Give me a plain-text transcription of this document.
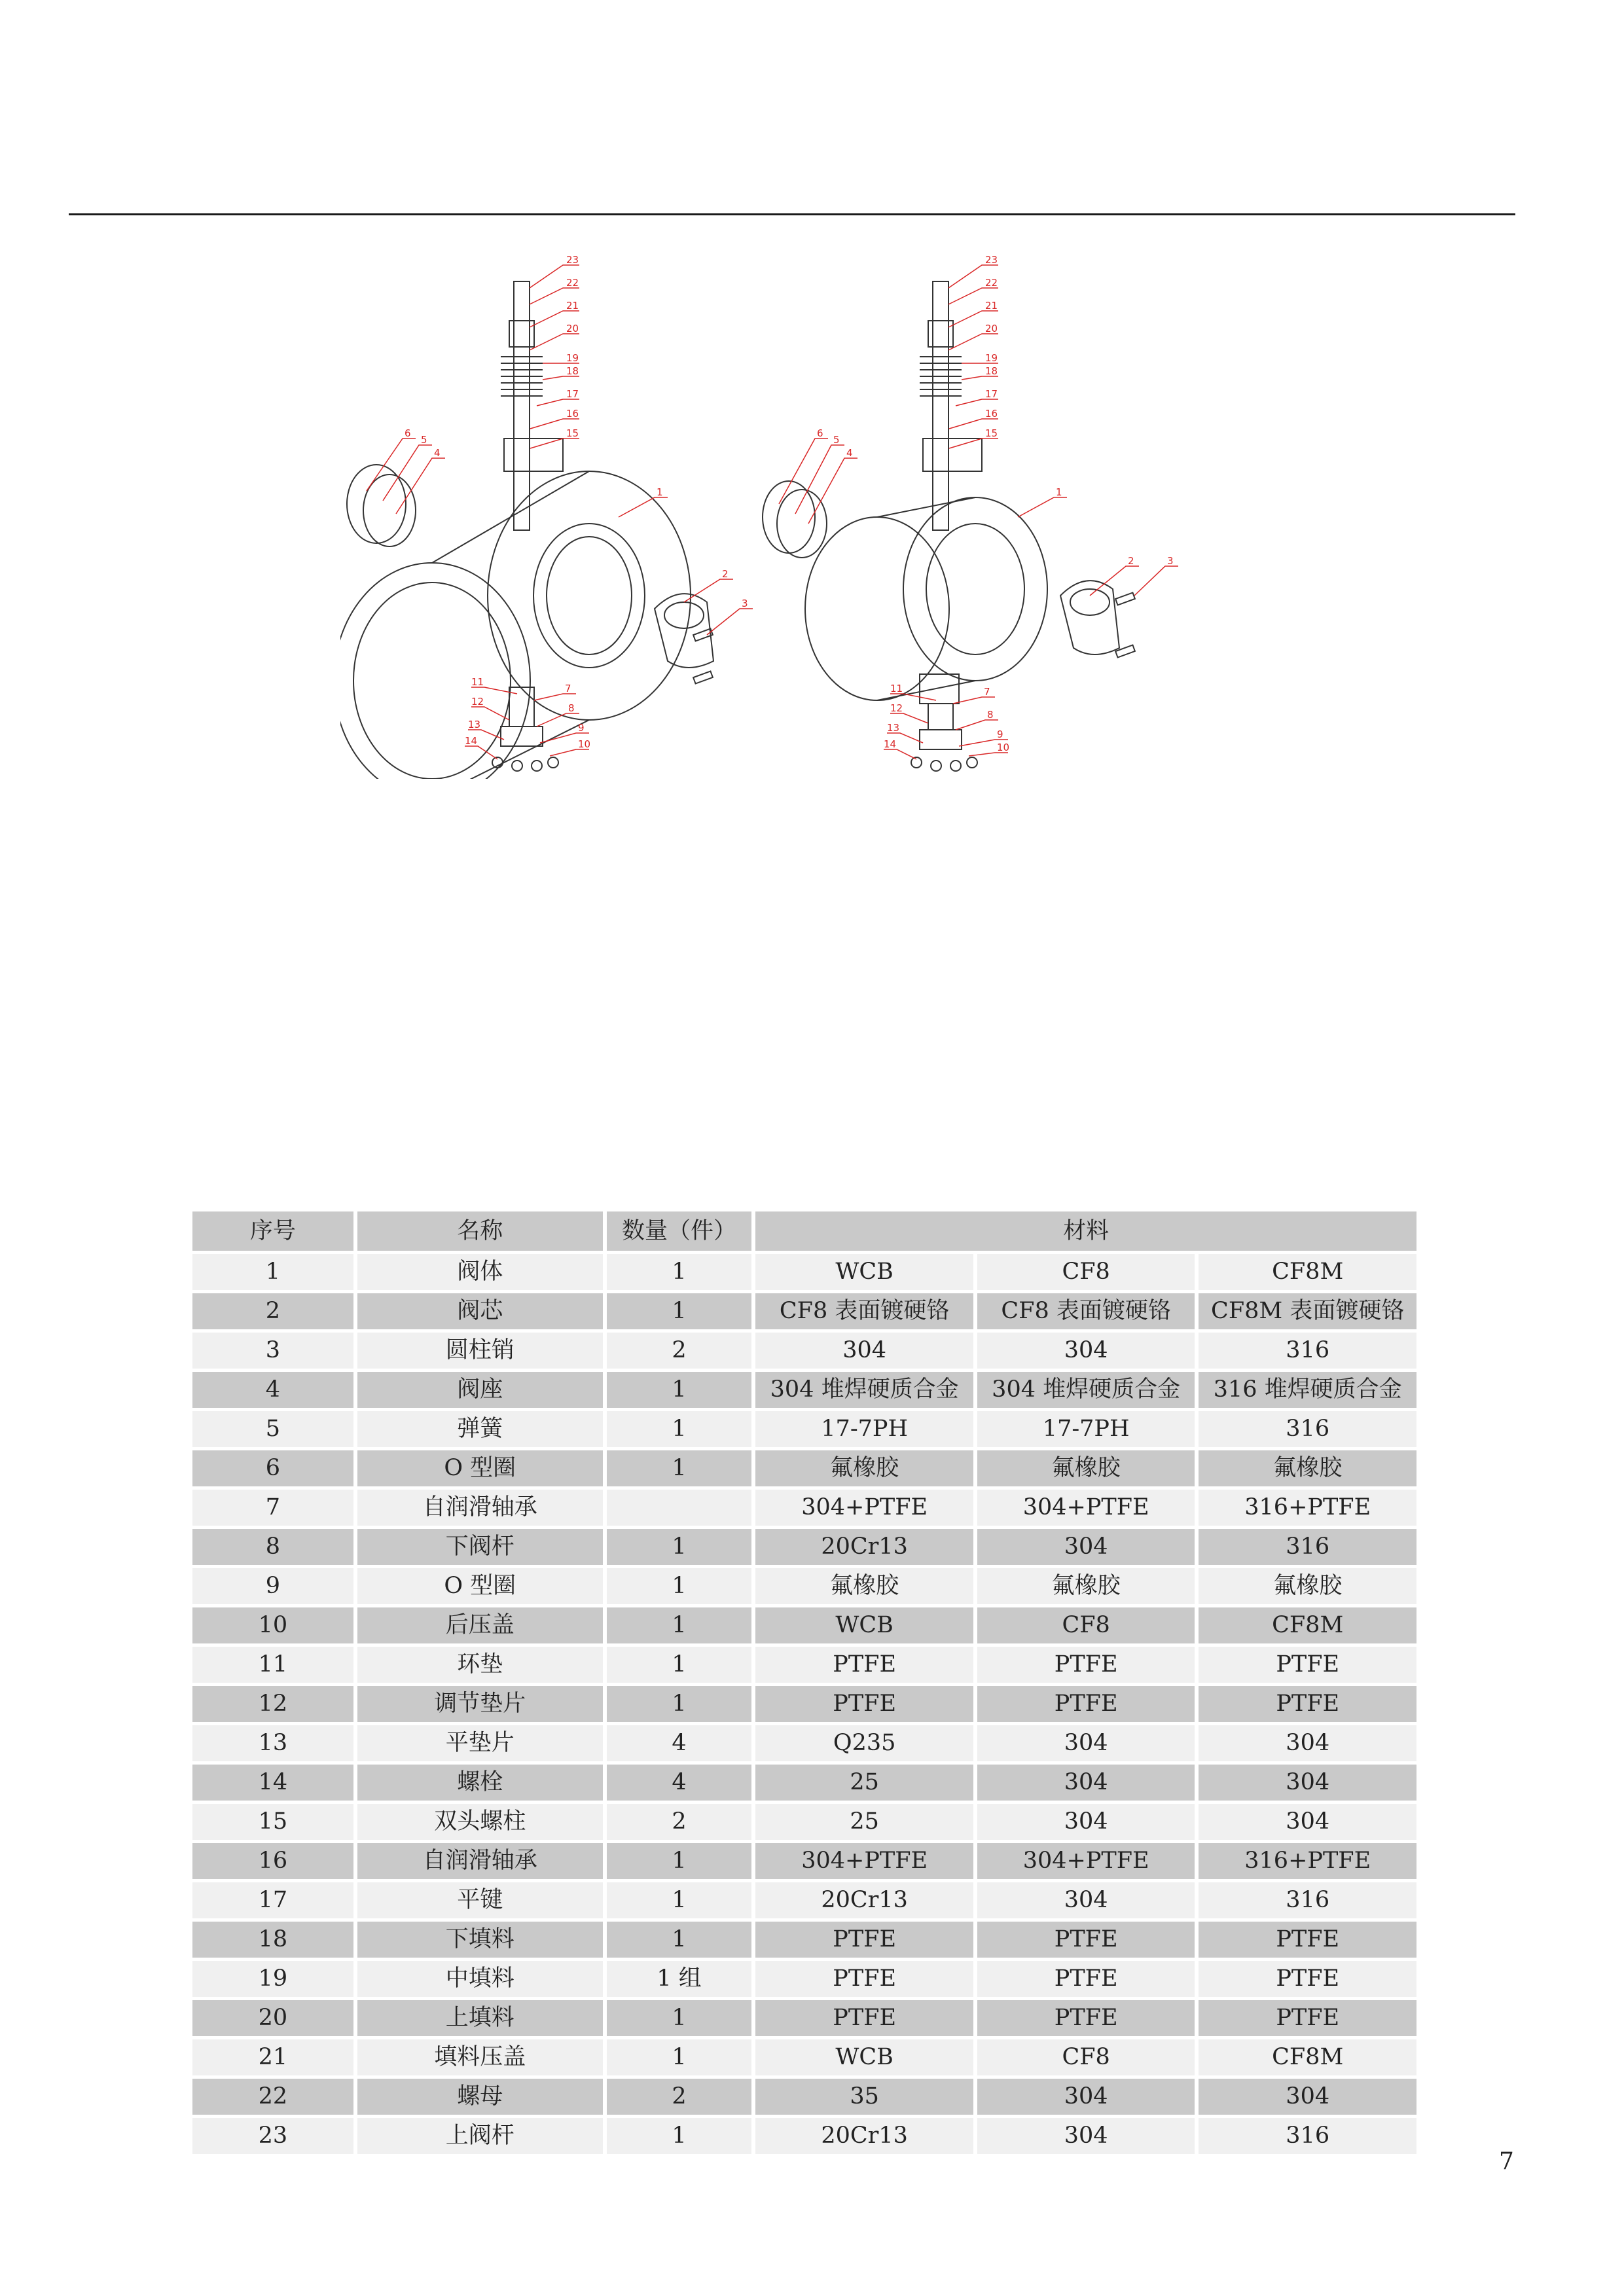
23
22
21
20
19
18
17
16
15
6
5
4
1
2
3
11
7
12
8
13	9
14	10
23
22
21
20
19
18
17
16
15
6
5
4
1
2	3
11	7
12
8
13
9
14	10
序号	名称	数量（件）	材料		
1	阀体	1	WCB	CF8	CF8M
2	阀芯	1	CF8 表面镀硬铬	CF8 表面镀硬铬	CF8M 表面镀硬铬
3	圆柱销	2	304	304	316
4	阀座	1	304 堆焊硬质合金	304 堆焊硬质合金	316 堆焊硬质合金
5	弹簧	1	17-7PH	17-7PH	316
6	O 型圈	1	氟橡胶	氟橡胶	氟橡胶
7	自润滑轴承		304+PTFE	304+PTFE	316+PTFE
8	下阀杆	1	20Cr13	304	316
9	O 型圈	1	氟橡胶	氟橡胶	氟橡胶
10	后压盖	1	WCB	CF8	CF8M
11	环垫	1	PTFE	PTFE	PTFE
12	调节垫片	1	PTFE	PTFE	PTFE
13	平垫片	4	Q235	304	304
14	螺栓	4	25	304	304
15	双头螺柱	2	25	304	304
16	自润滑轴承	1	304+PTFE	304+PTFE	316+PTFE
17	平键	1	20Cr13	304	316
18	下填料	1	PTFE	PTFE	PTFE
19	中填料	1 组	PTFE	PTFE	PTFE
20	上填料	1	PTFE	PTFE	PTFE
21	填料压盖	1	WCB	CF8	CF8M
22	螺母	2	35	304	304
23	上阀杆	1	20Cr13	304	316
7
